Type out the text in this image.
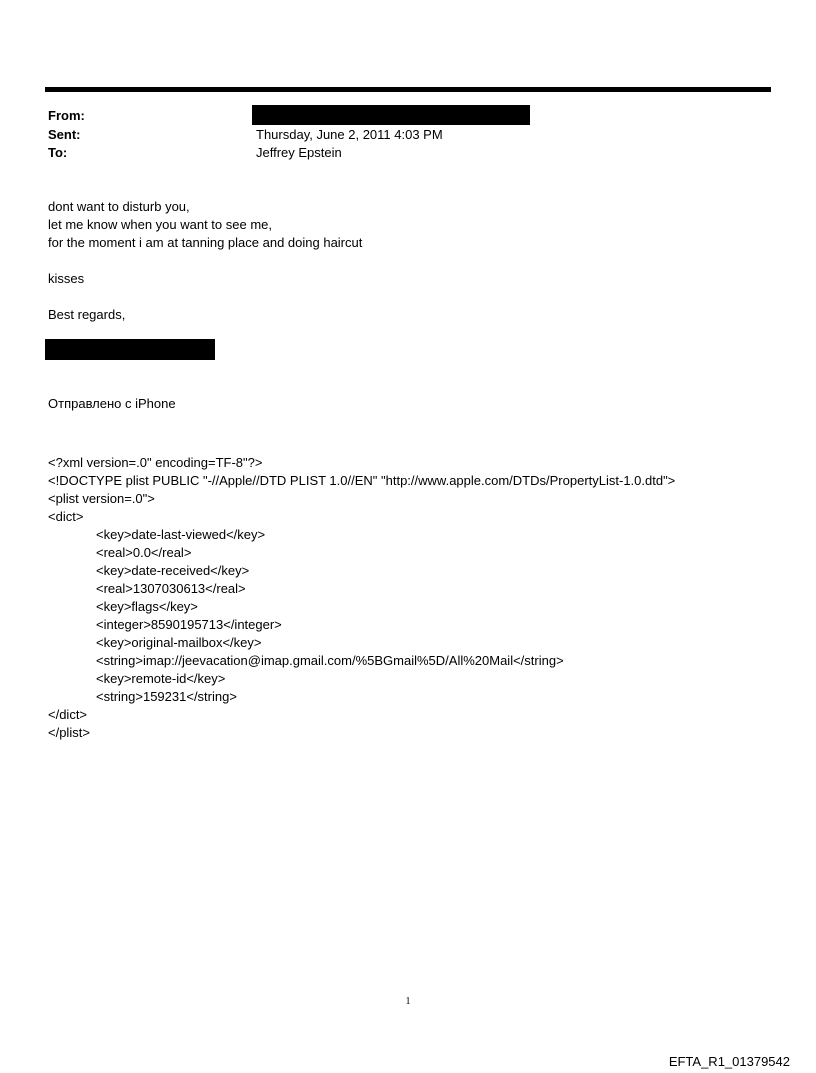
From:
Sent:	Thursday, June 2, 2011 4:03 PM
To:	Jeffrey Epstein

dont want to disturb you,

let me know when you want to see me,

for the moment i am at tanning place and doing haircut

kisses
Best regards,
Отправлено с iPhone

<?xml version=.0" encoding=TF-8"?>

<!DOCTYPE plist PUBLIC "-//Apple//DTD PLIST 1.0//EN" "http://www.apple.com/DTDs/PropertyList-1.0.dtd">

<plist version=.0">

<dict>

<key>date-last-viewed</key>

<real>0.0</real>

<key>date-received</key>

<real>1307030613</real>

<key>flags</key>

<integer>8590195713</integer>

<key>original-mailbox</key>

<string>imap://jeevacation@imap.gmail.com/%5BGmail%5D/All%20Mail</string>

<key>remote-id</key>

<string>159231</string>

</dict>

</plist>

1
EFTA_R1_01379542
